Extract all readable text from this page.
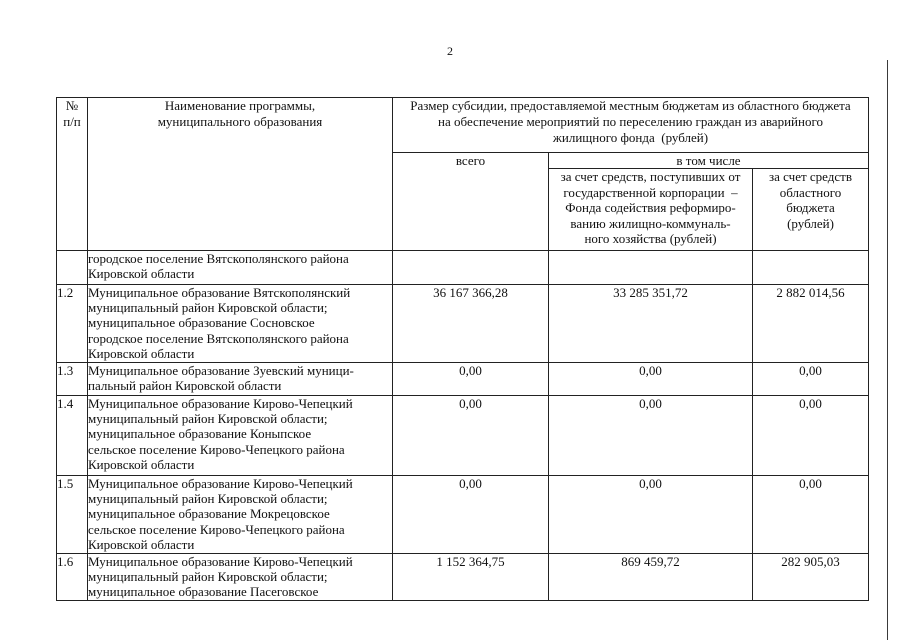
2
№
п/п	Наименование программы,
муниципального образования	Размер субсидии, предоставляемой местным бюджетам из областного бюджета
на обеспечение мероприятий по переселению граждан из аварийного
жилищного фонда  (рублей)		
		всего	в том числе	
			за счет средств, поступивших от
государственной корпорации  –
Фонда содействия реформиро-
ванию жилищно-коммуналь-
ного хозяйства (рублей)	за счет средств
областного
бюджета
(рублей)
	городское поселение Вятскополянского района
Кировской области			
1.2	Муниципальное образование Вятскополянский
муниципальный район Кировской области;
муниципальное образование Сосновское
городское поселение Вятскополянского района
Кировской области	36 167 366,28	33 285 351,72	2 882 014,56
1.3	Муниципальное образование Зуевский муници-
пальный район Кировской области	0,00	0,00	0,00
1.4	Муниципальное образование Кирово-Чепецкий
муниципальный район Кировской области;
муниципальное образование Коныпское
сельское поселение Кирово-Чепецкого района
Кировской области	0,00	0,00	0,00
1.5	Муниципальное образование Кирово-Чепецкий
муниципальный район Кировской области;
муниципальное образование Мокрецовское
сельское поселение Кирово-Чепецкого района
Кировской области	0,00	0,00	0,00
1.6	Муниципальное образование Кирово-Чепецкий
муниципальный район Кировской области;
муниципальное образование Пасеговское	1 152 364,75	869 459,72	282 905,03
